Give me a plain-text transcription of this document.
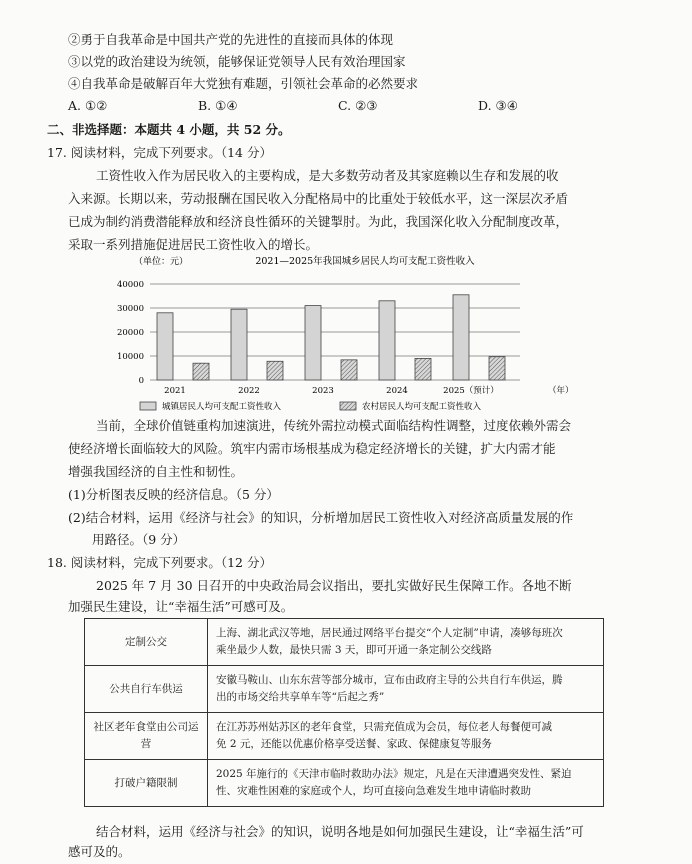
②勇于自我革命是中国共产党的先进性的直接而具体的体现
③以党的政治建设为统领，能够保证党领导人民有效治理国家
④自我革命是破解百年大党独有难题，引领社会革命的必然要求
A. ①②	B. ①④	C. ②③	D. ③④
二、非选择题：本题共 4 小题，共 52 分。
17. 阅读材料，完成下列要求。（14 分）
工资性收入作为居民收入的主要构成，是大多数劳动者及其家庭赖以生存和发展的收
入来源。长期以来，劳动报酬在国民收入分配格局中的比重处于较低水平，这一深层次矛盾
已成为制约消费潜能释放和经济良性循环的关键掣肘。为此，我国深化收入分配制度改革，
采取一系列措施促进居民工资性收入的增长。
（单位：元）	2021—2025年我国城乡居民人均可支配工资性收入
0
10000
20000
30000
40000
2021	2022	2023	2024	2025（预计）	（年）
城镇居民人均可支配工资性收入	农村居民人均可支配工资性收入
当前，全球价值链重构加速演进，传统外需拉动模式面临结构性调整，过度依赖外需会
使经济增长面临较大的风险。筑牢内需市场根基成为稳定经济增长的关键，扩大内需才能
增强我国经济的自主性和韧性。
(1)分析图表反映的经济信息。（5 分）
(2)结合材料，运用《经济与社会》的知识，分析增加居民工资性收入对经济高质量发展的作
用路径。（9 分）
18. 阅读材料，完成下列要求。（12 分）
2025 年 7 月 30 日召开的中央政治局会议指出，要扎实做好民生保障工作。各地不断
加强民生建设，让“幸福生活”可感可及。
定制公交	上海、湖北武汉等地，居民通过网络平台提交“个人定制”申请，凑够每班次
乘坐最少人数，最快只需 3 天，即可开通一条定制公交线路

公共自行车供运	安徽马鞍山、山东东营等部分城市，宣布由政府主导的公共自行车供运，腾
出的市场交给共享单车等“后起之秀”

社区老年食堂由公司运营	在江苏苏州姑苏区的老年食堂，只需充值成为会员，每位老人每餐便可减
免 2 元，还能以优惠价格享受送餐、家政、保健康复等服务

打破户籍限制	2025 年施行的《天津市临时救助办法》规定，凡是在天津遭遇突发性、紧迫
性、灾难性困难的家庭或个人，均可直接向急难发生地申请临时救助
结合材料，运用《经济与社会》的知识，说明各地是如何加强民生建设，让“幸福生活”可
感可及的。
